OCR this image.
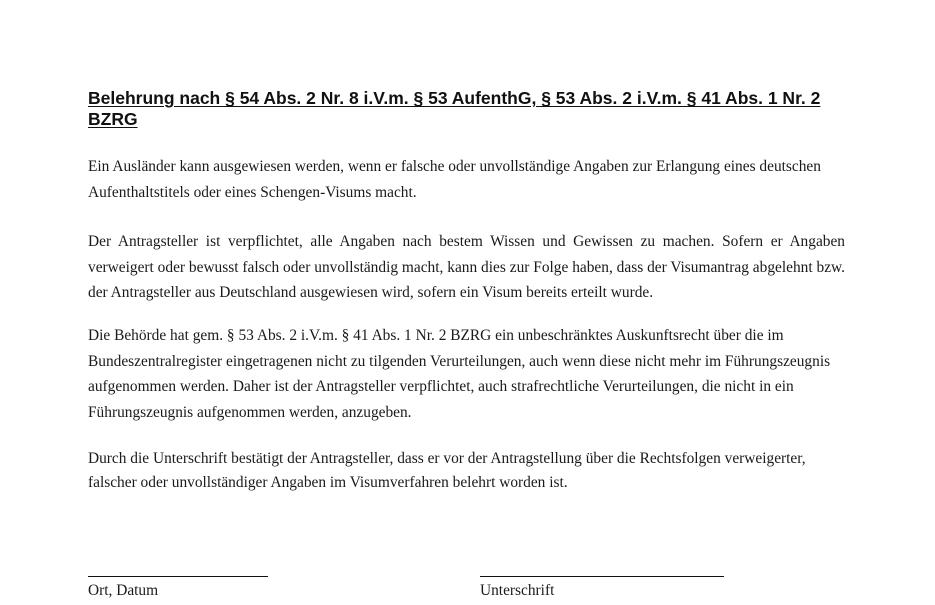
Belehrung nach § 54 Abs. 2 Nr. 8 i.V.m. § 53 AufenthG, § 53 Abs. 2 i.V.m. § 41 Abs. 1 Nr. 2 BZRG
Ein Ausländer kann ausgewiesen werden, wenn er falsche oder unvollständige Angaben zur Erlangung eines deutschen Aufenthaltstitels oder eines Schengen-Visums macht.
Der Antragsteller ist verpflichtet, alle Angaben nach bestem Wissen und Gewissen zu machen. Sofern er Angaben verweigert oder bewusst falsch oder unvollständig macht, kann dies zur Folge haben, dass der Visumantrag abgelehnt bzw. der Antragsteller aus Deutschland ausgewiesen wird, sofern ein Visum bereits erteilt wurde.
Die Behörde hat gem. § 53 Abs. 2 i.V.m. § 41 Abs. 1 Nr. 2 BZRG ein unbeschränktes Auskunftsrecht über die im Bundeszentralregister eingetragenen nicht zu tilgenden Verurteilungen, auch wenn diese nicht mehr im Führungszeugnis aufgenommen werden. Daher ist der Antragsteller verpflichtet, auch strafrechtliche Verurteilungen, die nicht in ein Führungszeugnis aufgenommen werden, anzugeben.
Durch die Unterschrift bestätigt der Antragsteller, dass er vor der Antragstellung über die Rechtsfolgen verweigerter, falscher oder unvollständiger Angaben im Visumverfahren belehrt worden ist.
Ort, Datum	Unterschrift
